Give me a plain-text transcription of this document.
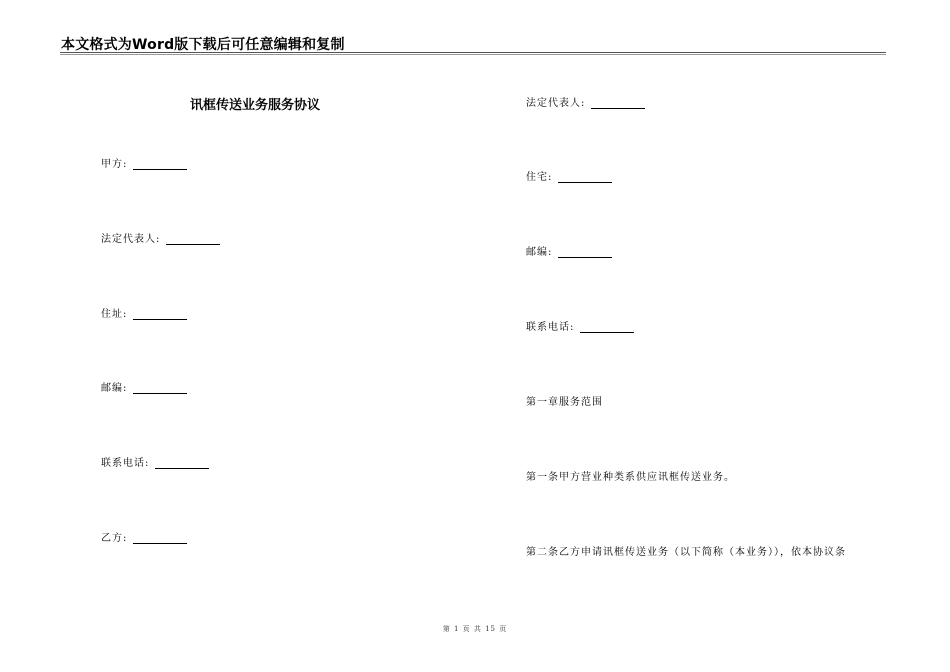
本文格式为Word版下载后可任意编辑和复制
讯框传送业务服务协议
甲方:
法定代表人:
住址:
邮编:
联系电话:
乙方:
法定代表人:
住宅:
邮编:
联系电话:
第一章服务范围
第一条甲方营业种类系供应讯框传送业务。
第二条乙方申请讯框传送业务（以下简称（本业务）），依本协议条
第 1 页 共 15 页
